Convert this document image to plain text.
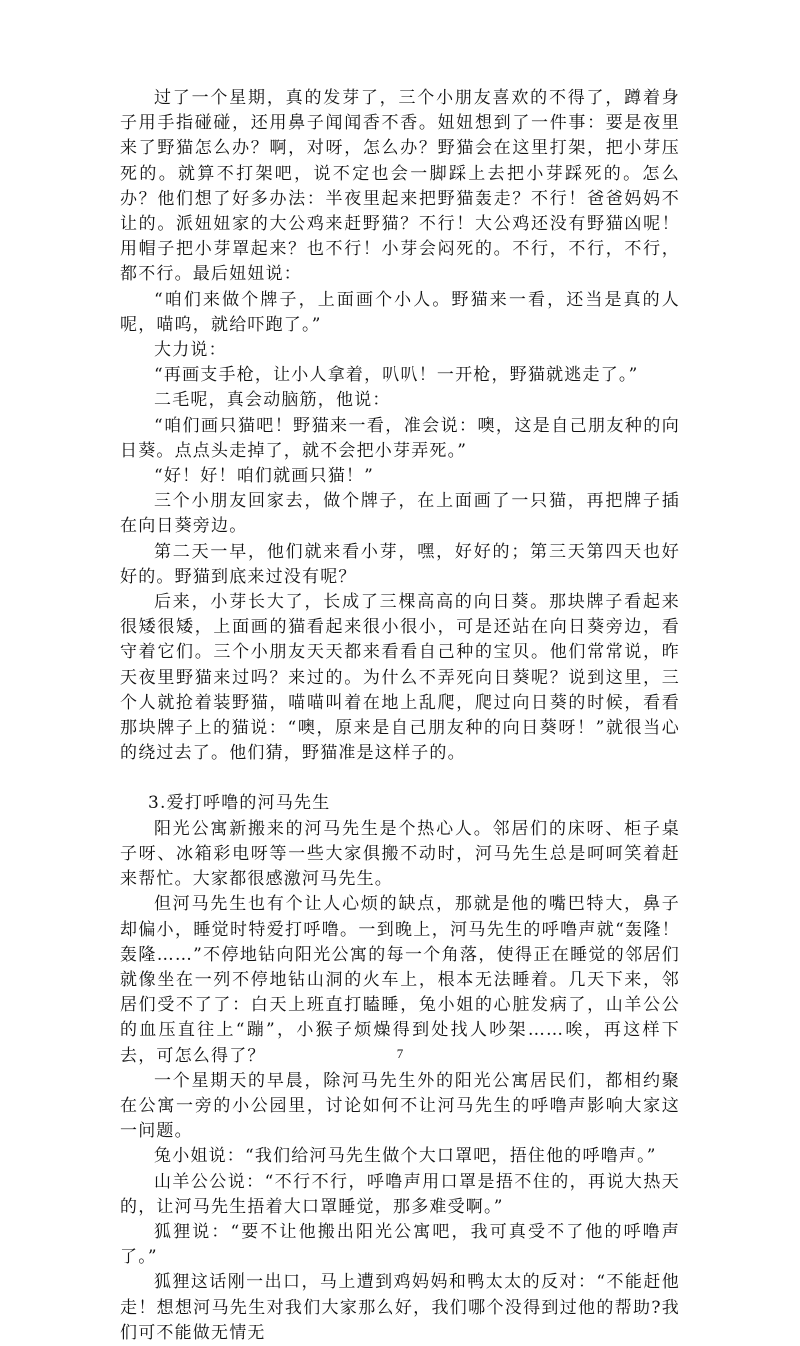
过了一个星期，真的发芽了，三个小朋友喜欢的不得了，蹲着身子用手指碰碰，还用鼻子闻闻香不香。妞妞想到了一件事：要是夜里来了野猫怎么办？啊，对呀，怎么办？野猫会在这里打架，把小芽压死的。就算不打架吧，说不定也会一脚踩上去把小芽踩死的。怎么办？他们想了好多办法：半夜里起来把野猫轰走？不行！爸爸妈妈不让的。派妞妞家的大公鸡来赶野猫？不行！大公鸡还没有野猫凶呢！用帽子把小芽罩起来？也不行！小芽会闷死的。不行，不行，不行，都不行。最后妞妞说：

“咱们来做个牌子，上面画个小人。野猫来一看，还当是真的人呢，喵呜，就给吓跑了。”

大力说：

“再画支手枪，让小人拿着，叭叭！一开枪，野猫就逃走了。”

二毛呢，真会动脑筋，他说：

“咱们画只猫吧！野猫来一看，准会说：噢，这是自己朋友种的向日葵。点点头走掉了，就不会把小芽弄死。”

“好！好！咱们就画只猫！”

三个小朋友回家去，做个牌子，在上面画了一只猫，再把牌子插在向日葵旁边。

第二天一早，他们就来看小芽，嘿，好好的；第三天第四天也好好的。野猫到底来过没有呢？

后来，小芽长大了，长成了三棵高高的向日葵。那块牌子看起来很矮很矮，上面画的猫看起来很小很小，可是还站在向日葵旁边，看守着它们。三个小朋友天天都来看看自己种的宝贝。他们常常说，昨天夜里野猫来过吗？来过的。为什么不弄死向日葵呢？说到这里，三个人就抢着装野猫，喵喵叫着在地上乱爬，爬过向日葵的时候，看看那块牌子上的猫说：“噢，原来是自己朋友种的向日葵呀！”就很当心的绕过去了。他们猜，野猫准是这样子的。

3.爱打呼噜的河马先生

阳光公寓新搬来的河马先生是个热心人。邻居们的床呀、柜子桌子呀、冰箱彩电呀等一些大家俱搬不动时，河马先生总是呵呵笑着赶来帮忙。大家都很感激河马先生。

但河马先生也有个让人心烦的缺点，那就是他的嘴巴特大，鼻子却偏小，睡觉时特爱打呼噜。一到晚上，河马先生的呼噜声就“轰隆！轰隆……”不停地钻向阳光公寓的每一个角落，使得正在睡觉的邻居们就像坐在一列不停地钻山洞的火车上，根本无法睡着。几天下来，邻居们受不了了：白天上班直打瞌睡，兔小姐的心脏发病了，山羊公公的血压直往上“蹦”，小猴子烦燥得到处找人吵架……唉，再这样下去，可怎么得了？

一个星期天的早晨，除河马先生外的阳光公寓居民们，都相约聚在公寓一旁的小公园里，讨论如何不让河马先生的呼噜声影响大家这一问题。

兔小姐说：“我们给河马先生做个大口罩吧，捂住他的呼噜声。”

山羊公公说：“不行不行，呼噜声用口罩是捂不住的，再说大热天的，让河马先生捂着大口罩睡觉，那多难受啊。”

狐狸说：“要不让他搬出阳光公寓吧，我可真受不了他的呼噜声了。”

狐狸这话刚一出口，马上遭到鸡妈妈和鸭太太的反对：“不能赶他走！想想河马先生对我们大家那么好，我们哪个没得到过他的帮助?我们可不能做无情无

7
